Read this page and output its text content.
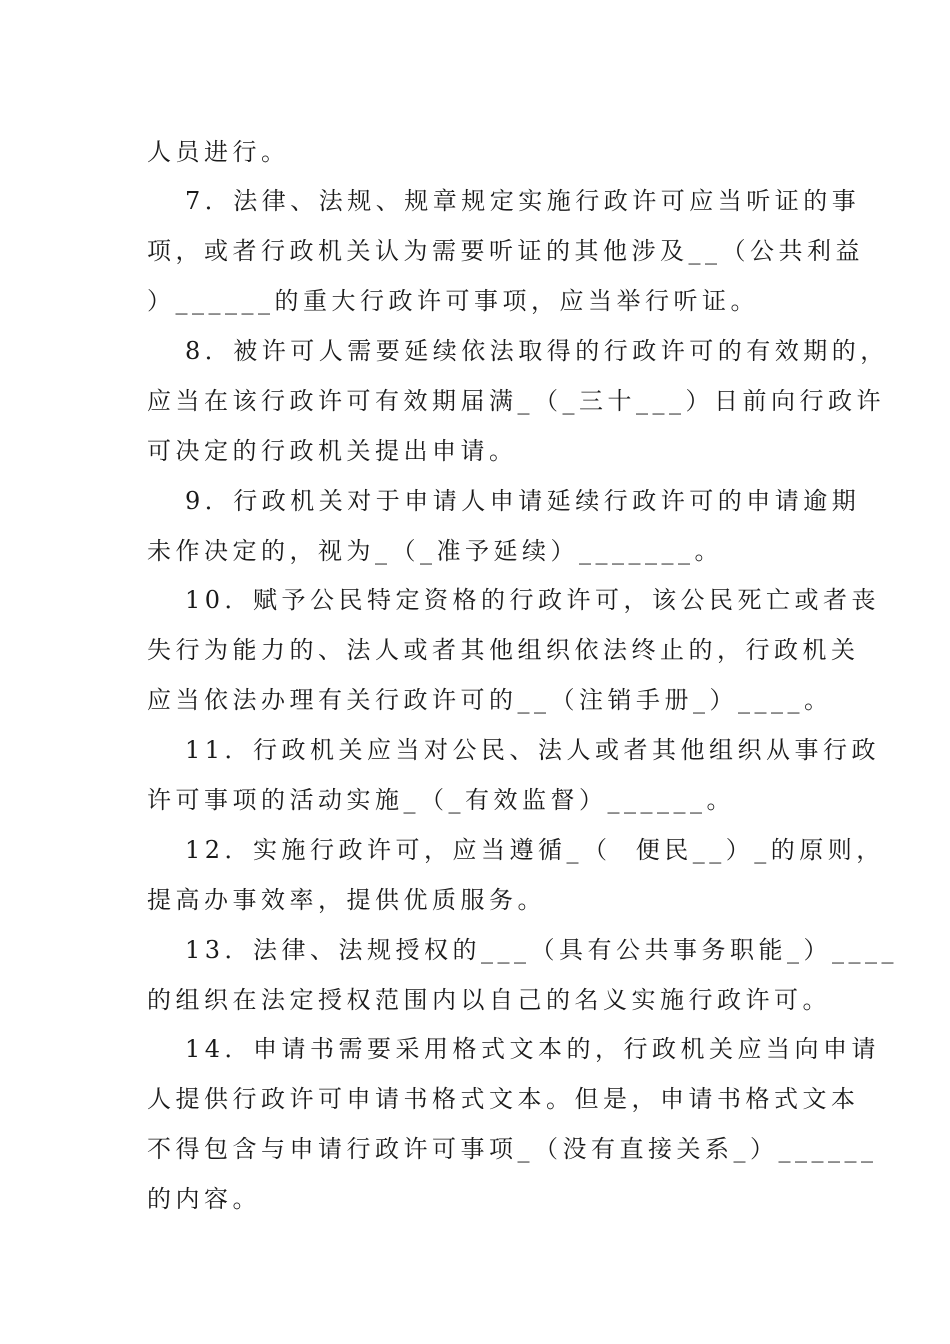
人员进行。

7．法律、法规、规章规定实施行政许可应当听证的事

项，或者行政机关认为需要听证的其他涉及__（公共利益

）______的重大行政许可事项，应当举行听证。

8．被许可人需要延续依法取得的行政许可的有效期的，

应当在该行政许可有效期届满_（_三十___）日前向行政许

可决定的行政机关提出申请。

9．行政机关对于申请人申请延续行政许可的申请逾期

未作决定的，视为_（_准予延续）_______。

10．赋予公民特定资格的行政许可，该公民死亡或者丧

失行为能力的、法人或者其他组织依法终止的，行政机关

应当依法办理有关行政许可的__（注销手册_）____。

11．行政机关应当对公民、法人或者其他组织从事行政

许可事项的活动实施_（_有效监督）______。

12．实施行政许可，应当遵循_（  便民__）_的原则，

提高办事效率，提供优质服务。

13．法律、法规授权的___（具有公共事务职能_）____

的组织在法定授权范围内以自己的名义实施行政许可。

14．申请书需要采用格式文本的，行政机关应当向申请

人提供行政许可申请书格式文本。但是，申请书格式文本

不得包含与申请行政许可事项_（没有直接关系_）______

的内容。
